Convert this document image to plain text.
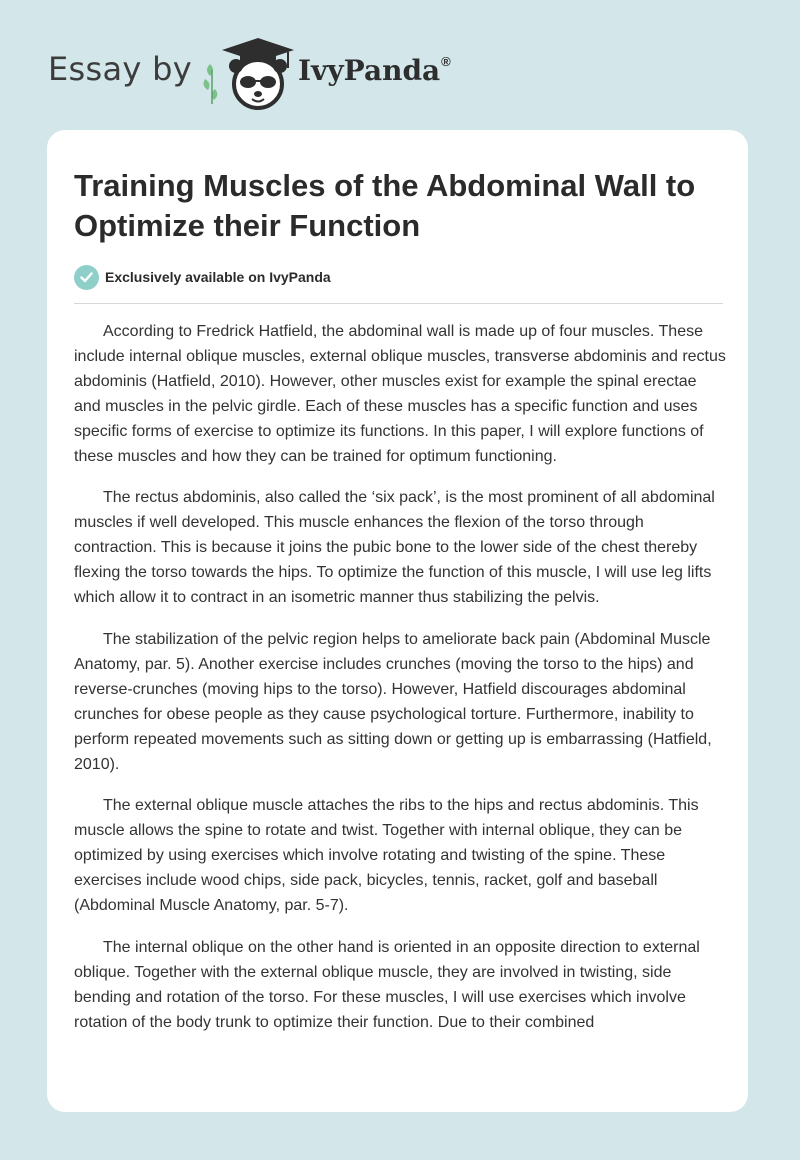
Essay by	IvyPanda®
Training Muscles of the Abdominal Wall to Optimize their Function
Exclusively available on IvyPanda

According to Fredrick Hatfield, the abdominal wall is made up of four muscles. These include internal oblique muscles, external oblique muscles, transverse abdominis and rectus abdominis (Hatfield, 2010). However, other muscles exist for example the spinal erectae and muscles in the pelvic girdle. Each of these muscles has a specific function and uses specific forms of exercise to optimize its functions. In this paper, I will explore functions of these muscles and how they can be trained for optimum functioning.

The rectus abdominis, also called the ‘six pack’, is the most prominent of all abdominal muscles if well developed. This muscle enhances the flexion of the torso through contraction. This is because it joins the pubic bone to the lower side of the chest thereby flexing the torso towards the hips. To optimize the function of this muscle, I will use leg lifts which allow it to contract in an isometric manner thus stabilizing the pelvis.

The stabilization of the pelvic region helps to ameliorate back pain (Abdominal Muscle Anatomy, par. 5). Another exercise includes crunches (moving the torso to the hips) and reverse-crunches (moving hips to the torso). However, Hatfield discourages abdominal crunches for obese people as they cause psychological torture. Furthermore, inability to perform repeated movements such as sitting down or getting up is embarrassing (Hatfield, 2010).

The external oblique muscle attaches the ribs to the hips and rectus abdominis. This muscle allows the spine to rotate and twist. Together with internal oblique, they can be optimized by using exercises which involve rotating and twisting of the spine. These exercises include wood chips, side pack, bicycles, tennis, racket, golf and baseball (Abdominal Muscle Anatomy, par. 5-7).

The internal oblique on the other hand is oriented in an opposite direction to external oblique. Together with the external oblique muscle, they are involved in twisting, side bending and rotation of the torso. For these muscles, I will use exercises which involve rotation of the body trunk to optimize their function. Due to their combined
